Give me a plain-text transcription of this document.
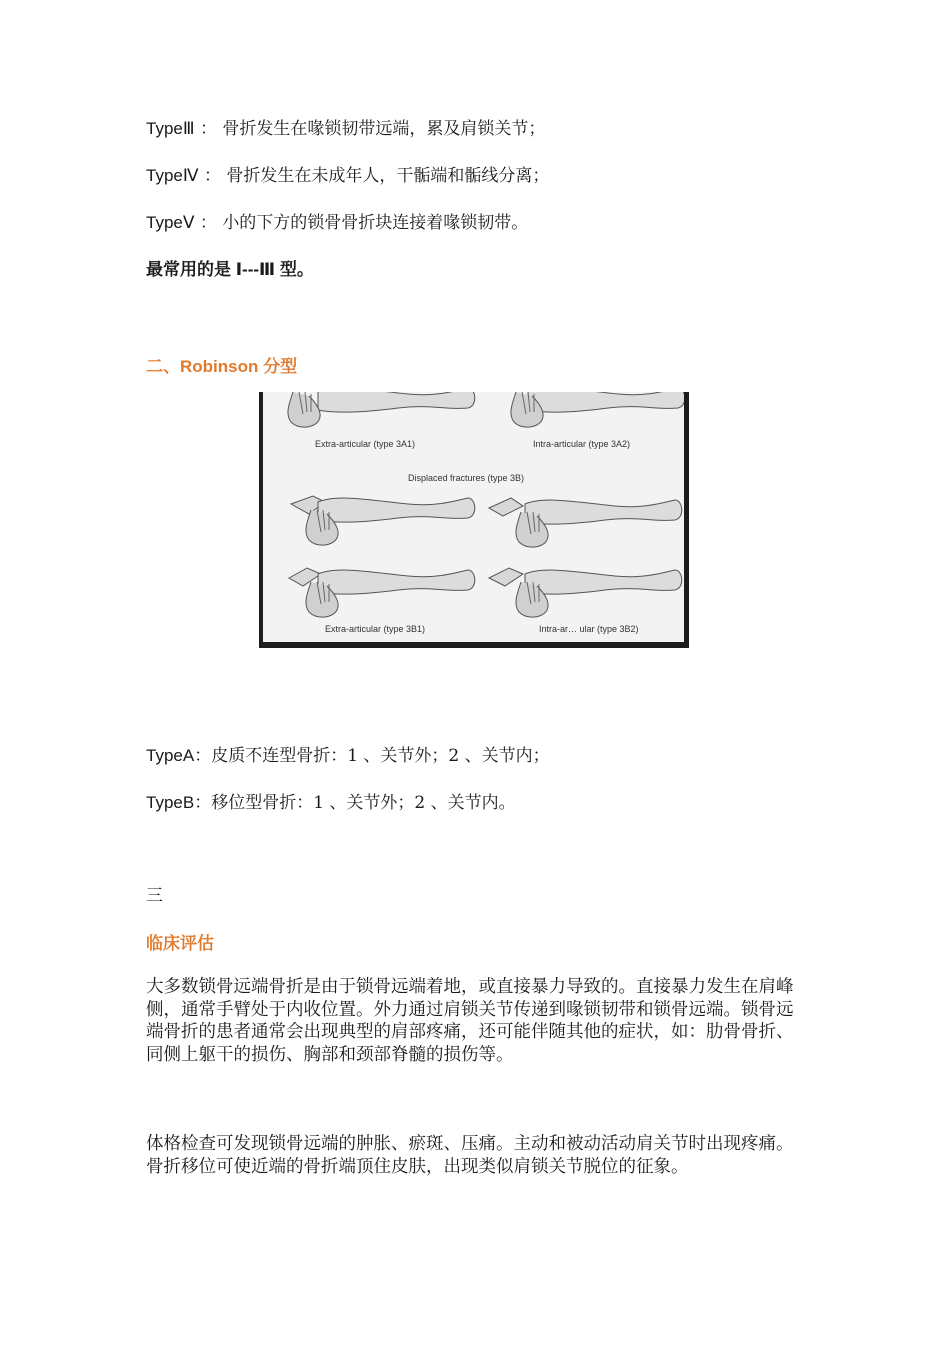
TypeⅢ ： 骨折发生在喙锁韧带远端，累及肩锁关节；
TypeⅣ ： 骨折发生在未成年人，干骺端和骺线分离；
TypeⅤ ： 小的下方的锁骨骨折块连接着喙锁韧带。
最常用的是 Ⅰ---Ⅲ 型。
二、Robinson 分型
Extra-articular (type 3A1)	Intra-articular (type 3A2)
Displaced fractures (type 3B)
Extra-articular (type 3B1)	Intra-ar… ular (type 3B2)
TypeA：皮质不连型骨折：1 、关节外；2 、关节内；
TypeB：移位型骨折：1 、关节外；2 、关节内。
三
临床评估
大多数锁骨远端骨折是由于锁骨远端着地，或直接暴力导致的。直接暴力发生在肩峰侧，通常手臂处于内收位置。外力通过肩锁关节传递到喙锁韧带和锁骨远端。锁骨远端骨折的患者通常会出现典型的肩部疼痛，还可能伴随其他的症状，如：肋骨骨折、同侧上躯干的损伤、胸部和颈部脊髓的损伤等。
体格检查可发现锁骨远端的肿胀、瘀斑、压痛。主动和被动活动肩关节时出现疼痛。骨折移位可使近端的骨折端顶住皮肤，出现类似肩锁关节脱位的征象。
